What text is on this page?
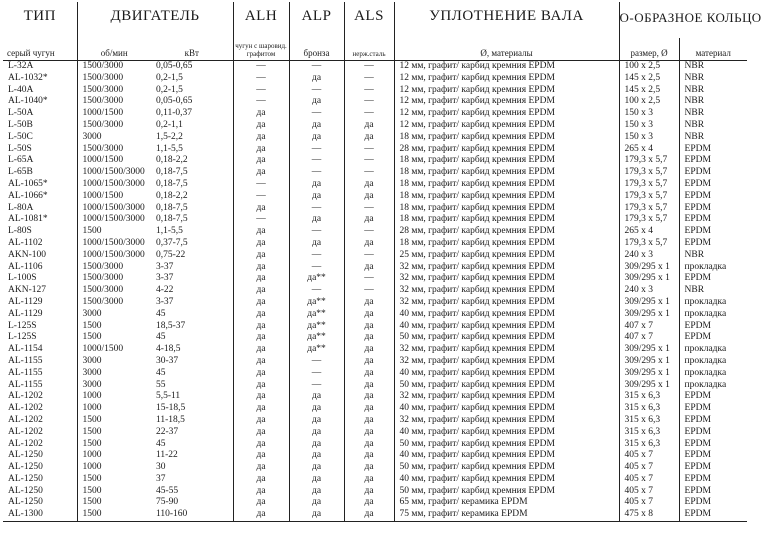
ТИП	ДВИГАТЕЛЬ		ALH	ALP	ALS	УПЛОТНЕНИЕ ВАЛА	О-ОБРАЗНОЕ КОЛЬЦО	
серый чугун	об/мин	кВт	чугун с шаровид. графитом	бронза	нерж.сталь	Ø, материалы	размер, Ø	материал
L-32A	1500/3000	0,05-0,65	—	—	—	12 мм, графит/ карбид кремния EPDM	100 x 2,5	NBR
AL-1032*	1500/3000	0,2-1,5	—	да	—	12 мм, графит/ карбид кремния EPDM	145 x 2,5	NBR
L-40A	1500/3000	0,2-1,5	—	—	—	12 мм, графит/ карбид кремния EPDM	145 x 2,5	NBR
AL-1040*	1500/3000	0,05-0,65	—	да	—	12 мм, графит/ карбид кремния EPDM	100 x 2,5	NBR
L-50A	1000/1500	0,11-0,37	да	—	—	12 мм, графит/ карбид кремния EPDM	150 x 3	NBR
L-50B	1500/3000	0,2-1,1	да	да	да	12 мм, графит/ карбид кремния EPDM	150 x 3	NBR
L-50C	3000	1,5-2,2	да	да	да	18 мм, графит/ карбид кремния EPDM	150 x 3	NBR
L-50S	1500/3000	1,1-5,5	да	—	—	28 мм, графит/ карбид кремния EPDM	265 x 4	EPDM
L-65A	1000/1500	0,18-2,2	да	—	—	18 мм, графит/ карбид кремния EPDM	179,3 x 5,7	EPDM
L-65B	1000/1500/3000	0,18-7,5	да	—	—	18 мм, графит/ карбид кремния EPDM	179,3 x 5,7	EPDM
AL-1065*	1000/1500/3000	0,18-7,5	—	да	да	18 мм, графит/ карбид кремния EPDM	179,3 x 5,7	EPDM
AL-1066*	1000/1500	0,18-2,2	—	да	да	18 мм, графит/ карбид кремния EPDM	179,3 x 5,7	EPDM
L-80A	1000/1500/3000	0,18-7,5	да	—	—	18 мм, графит/ карбид кремния EPDM	179,3 x 5,7	EPDM
AL-1081*	1000/1500/3000	0,18-7,5	—	да	да	18 мм, графит/ карбид кремния EPDM	179,3 x 5,7	EPDM
L-80S	1500	1,1-5,5	да	—	—	28 мм, графит/ карбид кремния EPDM	265 x 4	EPDM
AL-1102	1000/1500/3000	0,37-7,5	да	да	да	18 мм, графит/ карбид кремния EPDM	179,3 x 5,7	EPDM
AKN-100	1000/1500/3000	0,75-22	да	—	—	25 мм, графит/ карбид кремния EPDM	240 x 3	NBR
AL-1106	1500/3000	3-37	да	—	да	32 мм, графит/ карбид кремния EPDM	309/295 x 1	прокладка
L-100S	1500/3000	3-37	да	да**	—	32 мм, графит/ карбид кремния EPDM	309/295 x 1	EPDM
AKN-127	1500/3000	4-22	да	—	—	32 мм, графит/ карбид кремния EPDM	240 x 3	NBR
AL-1129	1500/3000	3-37	да	да**	да	32 мм, графит/ карбид кремния EPDM	309/295 x 1	прокладка
AL-1129	3000	45	да	да**	да	40 мм, графит/ карбид кремния EPDM	309/295 x 1	прокладка
L-125S	1500	18,5-37	да	да**	да	40 мм, графит/ карбид кремния EPDM	407 x 7	EPDM
L-125S	1500	45	да	да**	да	50 мм, графит/ карбид кремния EPDM	407 x 7	EPDM
AL-1154	1000/1500	4-18,5	да	да**	да	32 мм, графит/ карбид кремния EPDM	309/295 x 1	прокладка
AL-1155	3000	30-37	да	—	да	32 мм, графит/ карбид кремния EPDM	309/295 x 1	прокладка
AL-1155	3000	45	да	—	да	40 мм, графит/ карбид кремния EPDM	309/295 x 1	прокладка
AL-1155	3000	55	да	—	да	50 мм, графит/ карбид кремния EPDM	309/295 x 1	прокладка
AL-1202	1000	5,5-11	да	да	да	32 мм, графит/ карбид кремния EPDM	315 x 6,3	EPDM
AL-1202	1000	15-18,5	да	да	да	40 мм, графит/ карбид кремния EPDM	315 x 6,3	EPDM
AL-1202	1500	11-18,5	да	да	да	32 мм, графит/ карбид кремния EPDM	315 x 6,3	EPDM
AL-1202	1500	22-37	да	да	да	40 мм, графит/ карбид кремния EPDM	315 x 6,3	EPDM
AL-1202	1500	45	да	да	да	50 мм, графит/ карбид кремния EPDM	315 x 6,3	EPDM
AL-1250	1000	11-22	да	да	да	40 мм, графит/ карбид кремния EPDM	405 x 7	EPDM
AL-1250	1000	30	да	да	да	50 мм, графит/ карбид кремния EPDM	405 x 7	EPDM
AL-1250	1500	37	да	да	да	40 мм, графит/ карбид кремния EPDM	405 x 7	EPDM
AL-1250	1500	45-55	да	да	да	50 мм, графит/ карбид кремния EPDM	405 x 7	EPDM
AL-1250	1500	75-90	да	да	да	65 мм, графит/ керамика EPDM	405 x 7	EPDM
AL-1300	1500	110-160	да	да	да	75 мм, графит/ керамика EPDM	475 x 8	EPDM
